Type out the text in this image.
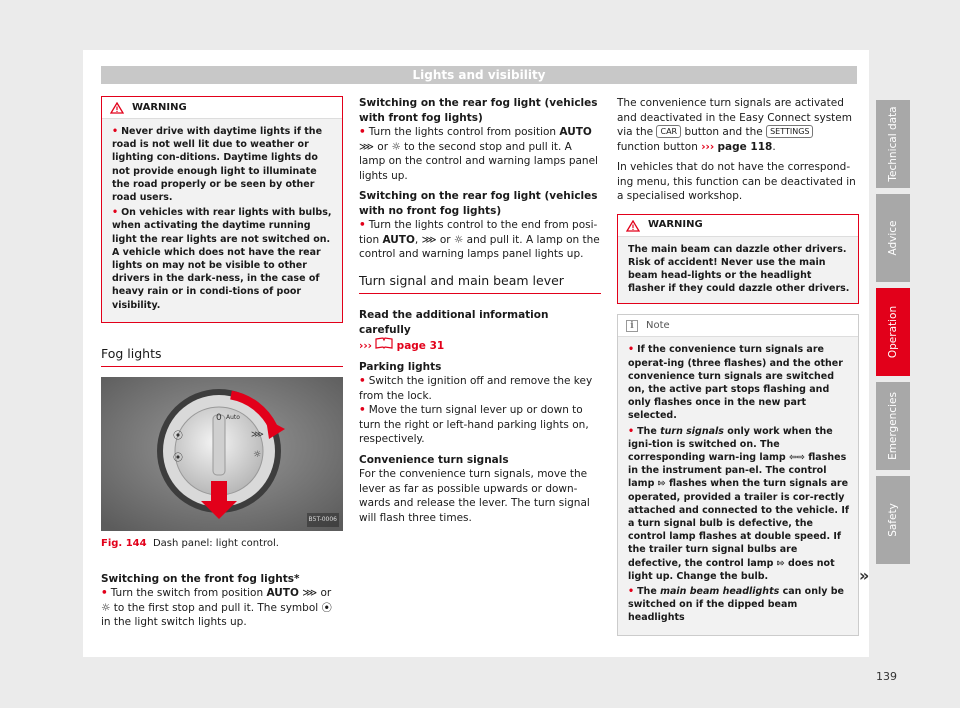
Lights and visibility
WARNING
• Never drive with daytime lights if the road is not well lit due to weather or lighting con-ditions. Daytime lights do not provide enough light to illuminate the road properly or be seen by other road users.
• On vehicles with rear lights with bulbs, when activating the daytime running light the rear lights are not switched on. A vehicle which does not have the rear lights on may not be visible to other drivers in the dark-ness, in the case of heavy rain or in condi-tions of poor visibility.
Fog lights
0 Auto
⦿
⦿
⋙
☼
B5T-0006
Fig. 144 Dash panel: light control.
Switching on the front fog lights*

• Turn the switch from position AUTO ⋙ or ☼ to the first stop and pull it. The symbol ⦿ in the light switch lights up.

Switching on the rear fog light (vehicles with front fog lights)

• Turn the lights control from position AUTO ⋙ or ☼ to the second stop and pull it. A lamp on the control and warning lamps panel lights up.

Switching on the rear fog light (vehicles with no front fog lights)

• Turn the lights control to the end from posi-tion AUTO, ⋙ or ☼ and pull it. A lamp on the control and warning lamps panel lights up.

Turn signal and main beam lever
Read the additional information carefully

››› page 31

Parking lights
• Switch the ignition off and remove the key from the lock.

• Move the turn signal lever up or down to turn the right or left-hand parking lights on, respectively.

Convenience turn signals

For the convenience turn signals, move the lever as far as possible upwards or down-wards and release the lever. The turn signal will flash three times.

The convenience turn signals are activated and deactivated in the Easy Connect system via the CAR button and the SETTINGS function button ››› page 118.

In vehicles that do not have the correspond-ing menu, this function can be deactivated in a specialised workshop.

WARNING
The main beam can dazzle other drivers. Risk of accident! Never use the main beam head-lights or the headlight flasher if they could dazzle other drivers.
i	Note
• If the convenience turn signals are operat-ing (three flashes) and the other convenience turn signals are switched on, the active part stops flashing and only flashes once in the new part selected.
• The turn signals only work when the igni-tion is switched on. The corresponding warn-ing lamp ⇦⇨ flashes in the instrument pan-el. The control lamp ⇰ flashes when the turn signals are operated, provided a trailer is cor-rectly attached and connected to the vehicle. If a turn signal bulb is defective, the control lamp flashes at double speed. If the trailer turn signal bulbs are defective, the control lamp ⇰ does not light up. Change the bulb.
• The main beam headlights can only be switched on if the dipped beam headlights
»
Technical data
Advice
Operation
Emergencies
Safety
139
